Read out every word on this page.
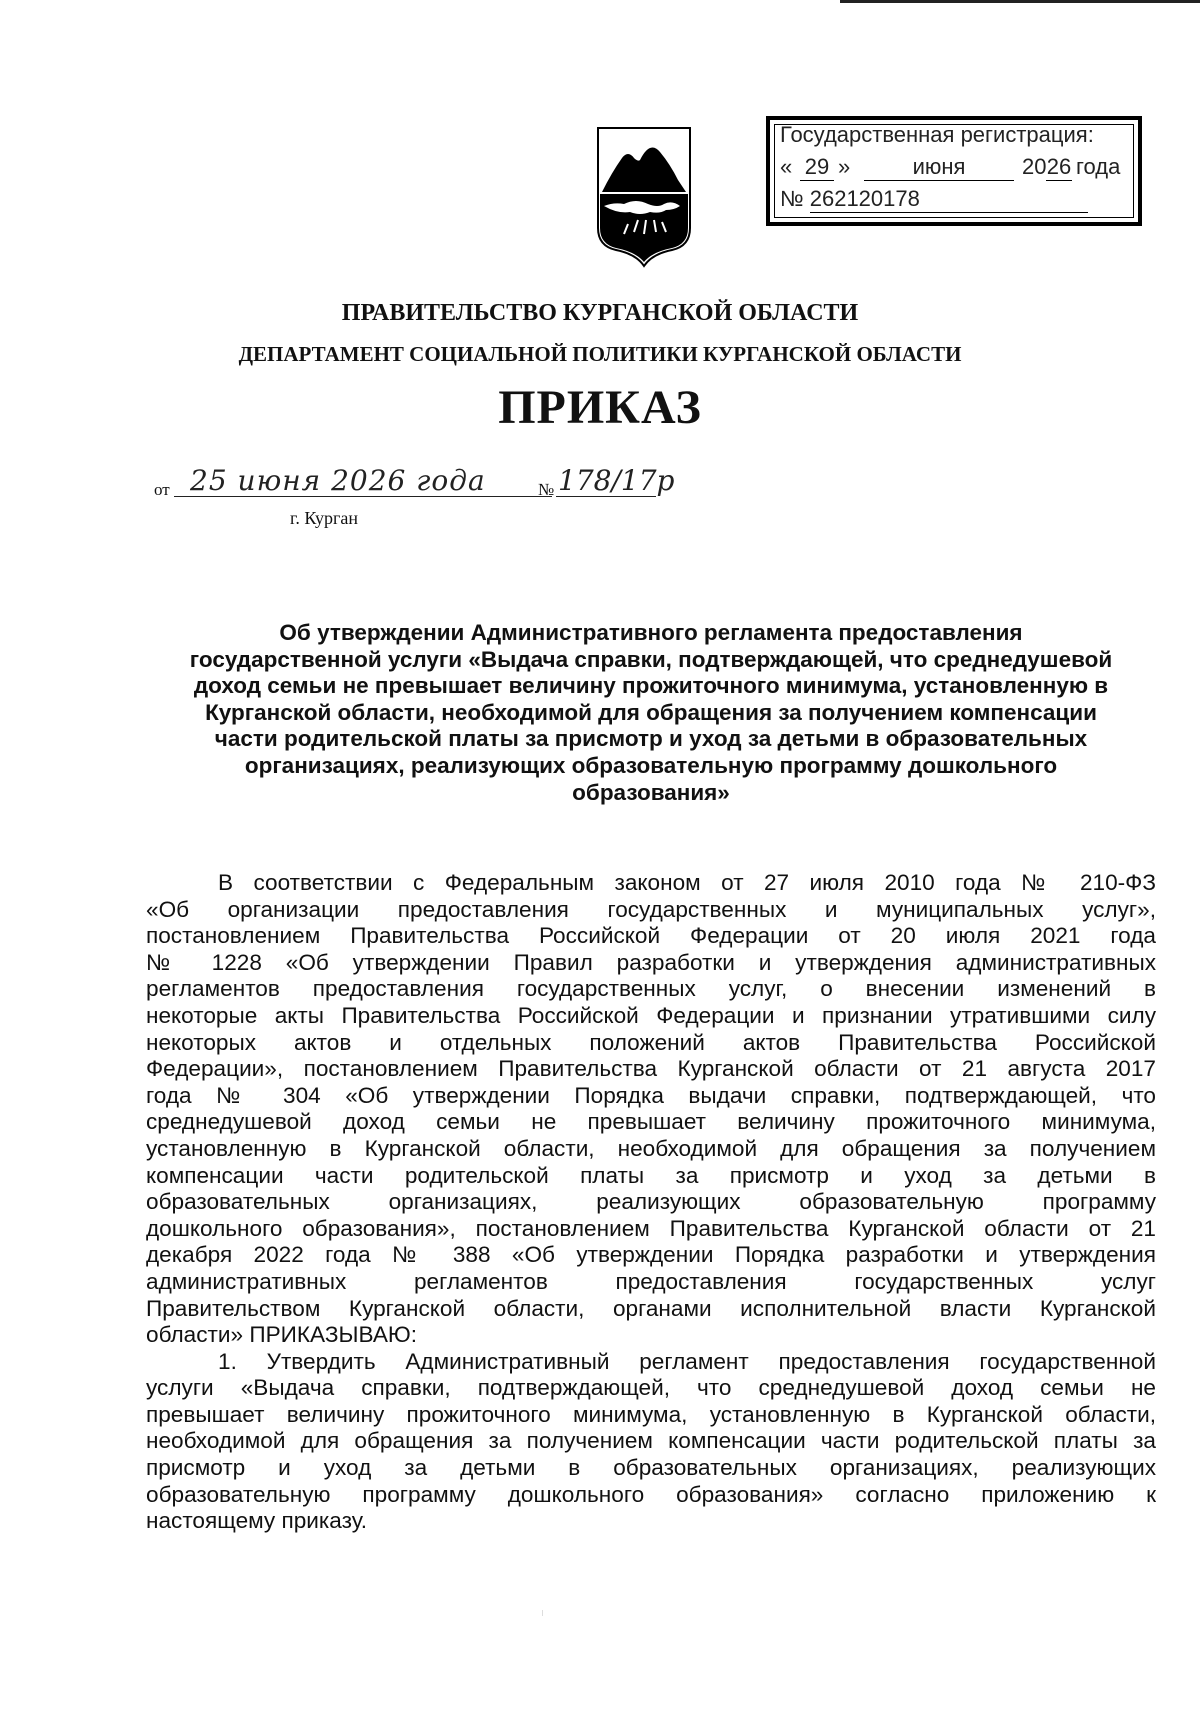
Государственная регистрация:
« 29 »	июня	20 26 года
№ 262120178
ПРАВИТЕЛЬСТВО КУРГАНСКОЙ ОБЛАСТИ
ДЕПАРТАМЕНТ СОЦИАЛЬНОЙ ПОЛИТИКИ КУРГАНСКОЙ ОБЛАСТИ
ПРИКАЗ
от 25 июня 2026 года	№ 178/17р
г. Курган
Об утверждении Административного регламента предоставления
государственной услуги «Выдача справки, подтверждающей, что среднедушевой
доход семьи не превышает величину прожиточного минимума, установленную в
Курганской области, необходимой для обращения за получением компенсации
части родительской платы за присмотр и уход за детьми в образовательных
организациях, реализующих образовательную программу дошкольного
образования»
В соответствии с Федеральным законом от 27 июля 2010 года № 210-ФЗ
«Об организации предоставления государственных и муниципальных услуг»,
постановлением Правительства Российской Федерации от 20 июля 2021 года
№ 1228 «Об утверждении Правил разработки и утверждения административных
регламентов предоставления государственных услуг, о внесении изменений в
некоторые акты Правительства Российской Федерации и признании утратившими силу
некоторых актов и отдельных положений актов Правительства Российской
Федерации», постановлением Правительства Курганской области от 21 августа 2017
года № 304 «Об утверждении Порядка выдачи справки, подтверждающей, что
среднедушевой доход семьи не превышает величину прожиточного минимума,
установленную в Курганской области, необходимой для обращения за получением
компенсации части родительской платы за присмотр и уход за детьми в
образовательных организациях, реализующих образовательную программу
дошкольного образования», постановлением Правительства Курганской области от 21
декабря 2022 года № 388 «Об утверждении Порядка разработки и утверждения
административных регламентов предоставления государственных услуг
Правительством Курганской области, органами исполнительной власти Курганской
области» ПРИКАЗЫВАЮ:
1. Утвердить Административный регламент предоставления государственной
услуги «Выдача справки, подтверждающей, что среднедушевой доход семьи не
превышает величину прожиточного минимума, установленную в Курганской области,
необходимой для обращения за получением компенсации части родительской платы за
присмотр и уход за детьми в образовательных организациях, реализующих
образовательную программу дошкольного образования» согласно приложению к
настоящему приказу.
